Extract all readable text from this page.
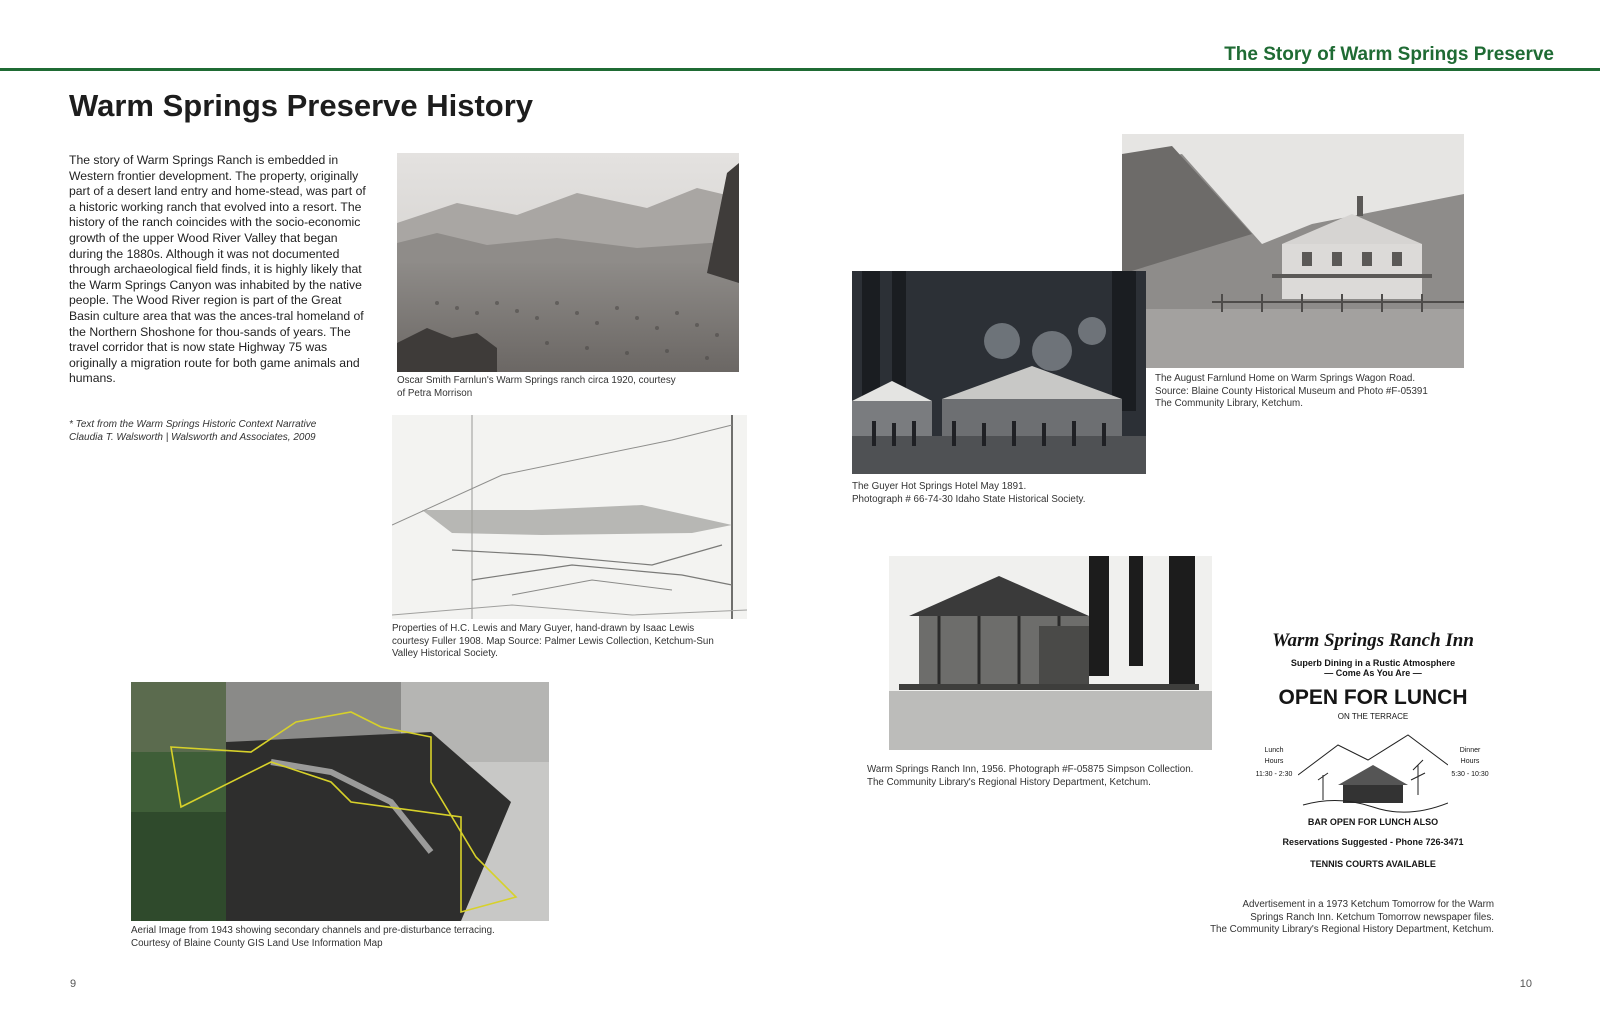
The Story of Warm Springs Preserve
Warm Springs Preserve History

The story of Warm Springs Ranch is embedded in Western frontier development. The property, originally part of a desert land entry and home-stead, was part of a historic working ranch that evolved into a resort. The history of the ranch coincides with the socio-economic growth of the upper Wood River Valley that began during the 1880s. Although it was not documented through archaeological field finds, it is highly likely that the Warm Springs Canyon was inhabited by the native people. The Wood River region is part of the Great Basin culture area that was the ances-tral homeland of the Northern Shoshone for thou-sands of years. The travel corridor that is now state Highway 75 was originally a migration route for both game animals and humans.

* Text from the Warm Springs Historic Context Narrative
Claudia T. Walsworth | Walsworth and Associates, 2009
Oscar Smith Farnlun's Warm Springs ranch circa 1920, courtesy
of Petra Morrison
Properties of H.C. Lewis and Mary Guyer, hand-drawn by Isaac Lewis
courtesy Fuller 1908. Map Source: Palmer Lewis Collection, Ketchum-Sun
Valley Historical Society.
Aerial Image from 1943 showing secondary channels and pre-disturbance terracing.
Courtesy of Blaine County GIS Land Use Information Map
The August Farnlund Home on Warm Springs Wagon Road.
Source: Blaine County Historical Museum and Photo #F-05391
The Community Library, Ketchum.
The Guyer Hot Springs Hotel May 1891.
Photograph # 66-74-30 Idaho State Historical Society.
Warm Springs Ranch Inn, 1956. Photograph #F-05875 Simpson Collection.
The Community Library's Regional History Department, Ketchum.
Warm Springs Ranch Inn
Superb Dining in a Rustic Atmosphere
— Come As You Are —
OPEN FOR LUNCH
ON THE TERRACE
Lunch
Hours
11:30 - 2:30
Dinner
Hours
5:30 - 10:30
BAR OPEN FOR LUNCH ALSO
Reservations Suggested - Phone 726-3471
TENNIS COURTS AVAILABLE
Advertisement in a 1973 Ketchum Tomorrow for the Warm
Springs Ranch Inn. Ketchum Tomorrow newspaper files.
The Community Library's Regional History Department, Ketchum.
9	10
